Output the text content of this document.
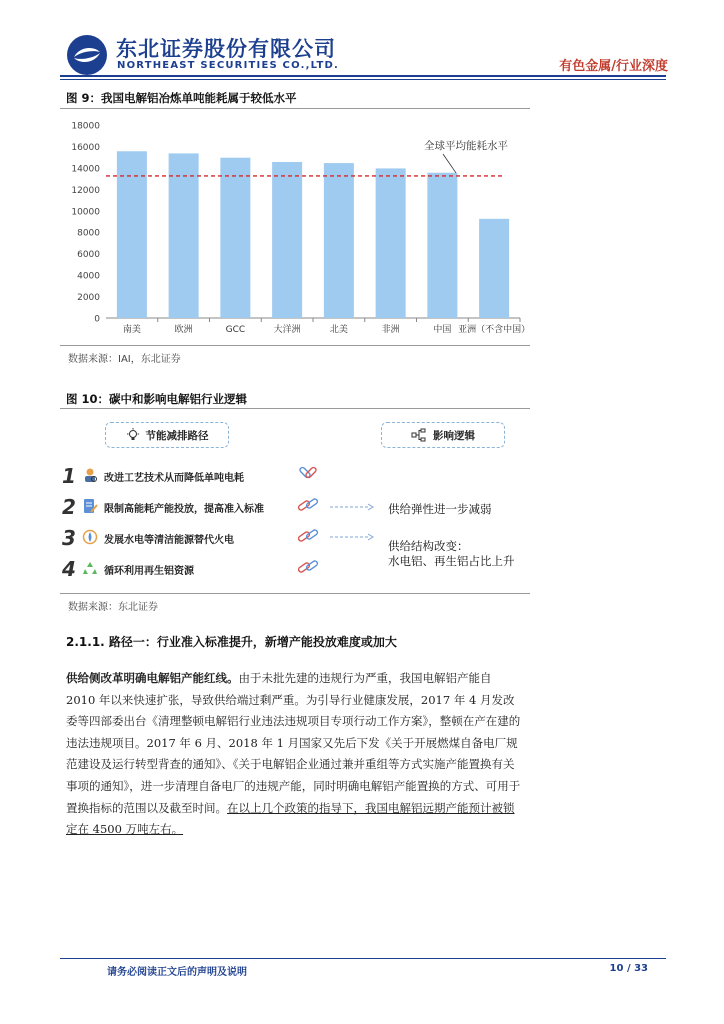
东北证券股份有限公司
NORTHEAST SECURITIES CO.,LTD.	有色金属/行业深度
图 9：我国电解铝冶炼单吨能耗属于较低水平
0
2000
4000
6000
8000
10000
12000
14000
16000
18000
南美	欧洲	GCC	大洋洲	北美	非洲	中国 亚洲（不含中国）
全球平均能耗水平
数据来源：IAI，东北证券
图 10：碳中和影响电解铝行业逻辑
节能减排路径	影响逻辑
1	改进工艺技术从而降低单吨电耗
2	限制高能耗产能投放，提高准入标准	供给弹性进一步减弱
3	发展水电等清洁能源替代火电	供给结构改变：
水电铝、再生铝占比上升
4	循环利用再生铝资源
数据来源：东北证券
2.1.1. 路径一：行业准入标准提升，新增产能投放难度或加大
供给侧改革明确电解铝产能红线。由于未批先建的违规行为严重，我国电解铝产能自 2010 年以来快速扩张，导致供给端过剩严重。为引导行业健康发展，2017 年 4 月发改委等四部委出台《清理整顿电解铝行业违法违规项目专项行动工作方案》，整顿在产在建的违法违规项目。2017 年 6 月、2018 年 1 月国家又先后下发《关于开展燃煤自备电厂规范建设及运行转型背查的通知》、《关于电解铝企业通过兼并重组等方式实施产能置换有关事项的通知》，进一步清理自备电厂的违规产能，同时明确电解铝产能置换的方式、可用于置换指标的范围以及截至时间。在以上几个政策的指导下，我国电解铝远期产能预计被锁定在 4500 万吨左右。
请务必阅读正文后的声明及说明	10 / 33
